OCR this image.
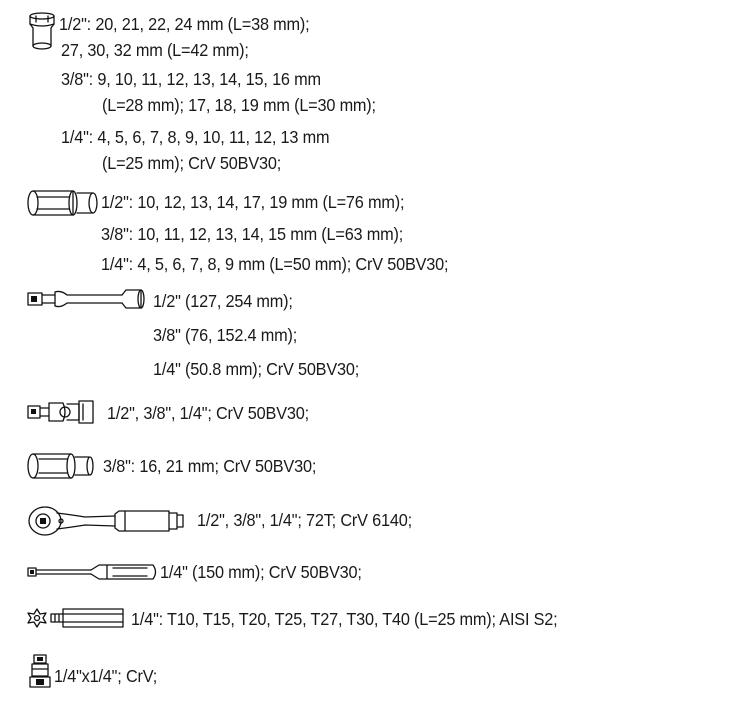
1/2": 20, 21, 22, 24 mm (L=38 mm);
27, 30, 32 mm (L=42 mm);
3/8": 9, 10, 11, 12, 13, 14, 15, 16 mm
(L=28 mm); 17, 18, 19 mm (L=30 mm);
1/4": 4, 5, 6, 7, 8, 9, 10, 11, 12, 13 mm
(L=25 mm); CrV 50BV30;
1/2": 10, 12, 13, 14, 17, 19 mm (L=76 mm);
3/8": 10, 11, 12, 13, 14, 15 mm (L=63 mm);
1/4": 4, 5, 6, 7, 8, 9 mm (L=50 mm); CrV 50BV30;
1/2" (127, 254 mm);
3/8" (76, 152.4 mm);
1/4" (50.8 mm); CrV 50BV30;
1/2", 3/8", 1/4"; CrV 50BV30;
3/8": 16, 21 mm; CrV 50BV30;
1/2", 3/8", 1/4"; 72T; CrV 6140;
1/4" (150 mm); CrV 50BV30;
1/4": T10, T15, T20, T25, T27, T30, T40 (L=25 mm); AISI S2;
1/4"x1/4"; CrV;
